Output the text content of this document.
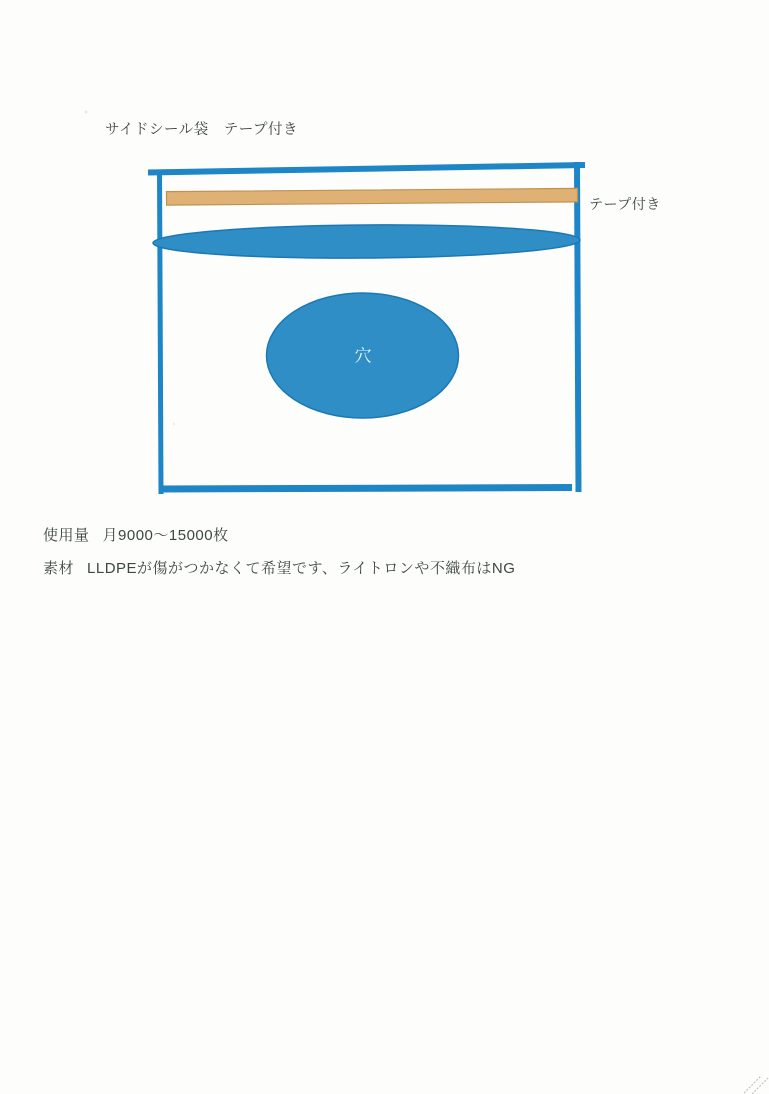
サイドシール袋　テープ付き
穴
テープ付き
使用量 月9000～15000枚
素材 LLDPEが傷がつかなくて希望です、ライトロンや不織布はNG
